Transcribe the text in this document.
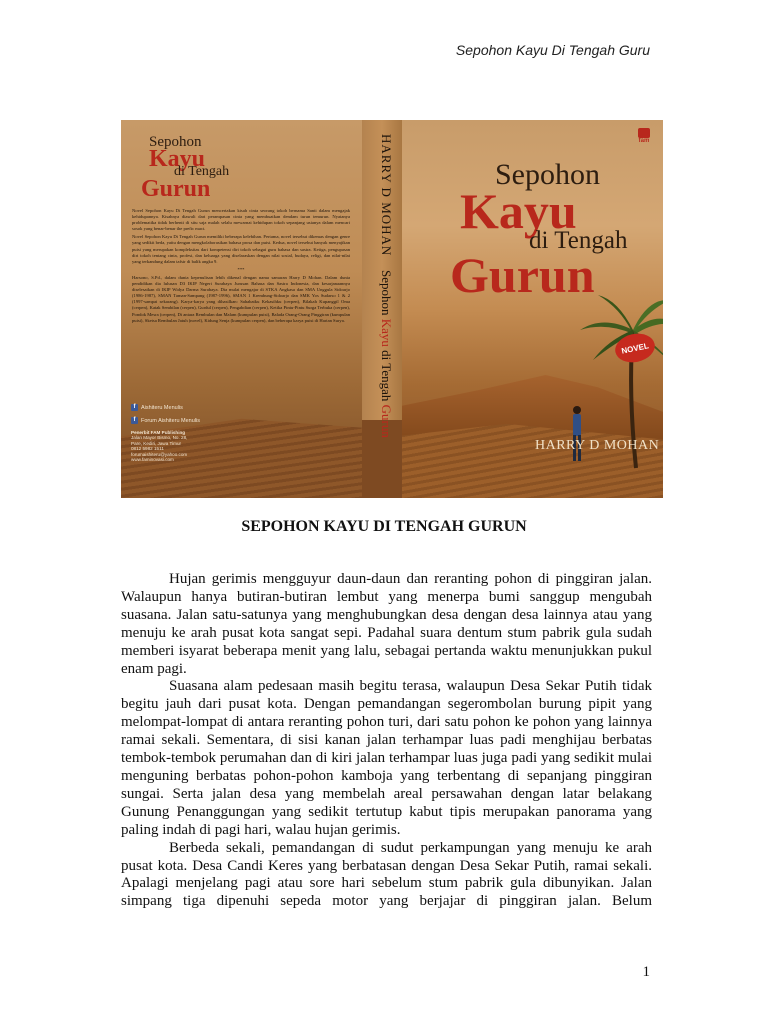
Sepohon Kayu Di Tengah Guru

Sepohon

Kayu

di Tengah

Gurun

Novel Sepohon Kayu Di Tengah Gurun mencertakan kisah cinta seorang tokoh bernama Santi dalam mengajak kehidupannya. Kisahnya diawali dari perampasan cinta yang membuatkan dendam turun temurun. Nyatanya problematika tidak berhenti di situ saja malah selalu mewarnai kehidupan tokoh sepanjang usianya dalam mencari sosok yang benar-benar the prefic mact.

Novel Sepohon Kayu Di Tengah Gurun memiliki beberapa kelebihan. Pertama, novel tersebut dikemas dengan genre yang sedikit beda, yaitu dengan mengkolaborasikan bahasa prosa dan puisi. Kedua, novel tersebut banyak menyajikan puisi yang merupakan kompleksitas dari kompetensi diri tokoh sebagai guru bahasa dan sastra. Ketiga, pengupasan diri tokoh tentang cinta, profesi, dan keluarga yang diselaraskan dengan nilai sosial, budaya, religi, dan nilai-nilai yang terkandung dalam tafsir di balik angka 9.

***

Harsono, S.Pd., dalam dunia kepenulisan lebih dikenal dengan nama samaran Harry D Mohan. Dalam dunia pendidikan dia lulusan D3 IKIP Negeri Surabaya Jurusan Bahasa dan Sastra Indonesia, dan kesarjanaannya diselesaikan di IKIP Widya Darma Surabaya. Dia mulai mengajar di STKA Angkasa dan SMA Unggula Sidoarjo (1986-1987), SMAN Taman-Sampang (1987-1996), SMAN 1 Krembung-Sidoarjo dan SMK Yos Sudarso 1 & 2 (1997-sampai sekarang). Karya-karya yang dihasilkan: Sahabatku Kekasihku (cerpen), Bilakah Kupanggil Oma (cerpen), Katak Sembilan (cerpen), Gurdul (cerpen), Pengabdian (cerpen), Ketika Pintu-Pintu Surga Terbuka (cerpen), Pondok Mesra (cerpen), Di antara Rembulan dan Malam (kumpulan puisi), Balada Orang-Orang Pinggiran (kumpulan puisi), Sketsa Rembulan Jatuh (novel), Kidung Senja (kumpulan cerpen), dan beberapa karya puisi di Harian Surya.

f	Aishiteru Menulis
f	Forum Aishiteru Menulis
Penerbit FAM Publishing
Jalan Mayor Bismo, No. 28,
Pare, Kediri, Jawa Timur
0812 5982 1511
forumaishiteru@yahoo.com
www.faminovasi.com
HARRY D MOHAN
Sepohon Kayu di Tengah Gurun
fam

Sepohon

Kayu

di Tengah

Gurun

NOVEL

HARRY D MOHAN

SEPOHON KAYU DI TENGAH GURUN

Hujan gerimis mengguyur daun-daun dan reranting pohon di pinggiran jalan. Walaupun hanya butiran-butiran lembut yang menerpa bumi sanggup mengubah suasana. Jalan satu-satunya yang menghubungkan desa dengan desa lainnya atau yang menuju ke arah pusat kota sangat sepi. Padahal suara dentum stum pabrik gula sudah memberi isyarat beberapa menit yang lalu, sebagai pertanda waktu menunjukkan pukul enam pagi.

Suasana alam pedesaan masih begitu terasa, walaupun Desa Sekar Putih tidak begitu jauh dari pusat kota. Dengan pemandangan segerombolan burung pipit yang melompat-lompat di antara reranting pohon turi, dari satu pohon ke pohon yang lainnya ramai sekali. Sementara, di sisi kanan jalan terhampar luas padi menghijau berbatas tembok-tembok perumahan dan di kiri jalan terhampar luas juga padi yang sedikit mulai menguning berbatas pohon-pohon kamboja yang terbentang di sepanjang pinggiran sungai. Serta jalan desa yang membelah areal persawahan dengan latar belakang Gunung Penanggungan yang sedikit tertutup kabut tipis merupakan panorama yang paling indah di pagi hari, walau hujan gerimis.

Berbeda sekali, pemandangan di sudut perkampungan yang menuju ke arah pusat kota. Desa Candi Keres yang berbatasan dengan Desa Sekar Putih, ramai sekali. Apalagi menjelang pagi atau sore hari sebelum stum pabrik gula dibunyikan. Jalan simpang tiga dipenuhi sepeda motor yang berjajar di pinggiran jalan. Belum

1
